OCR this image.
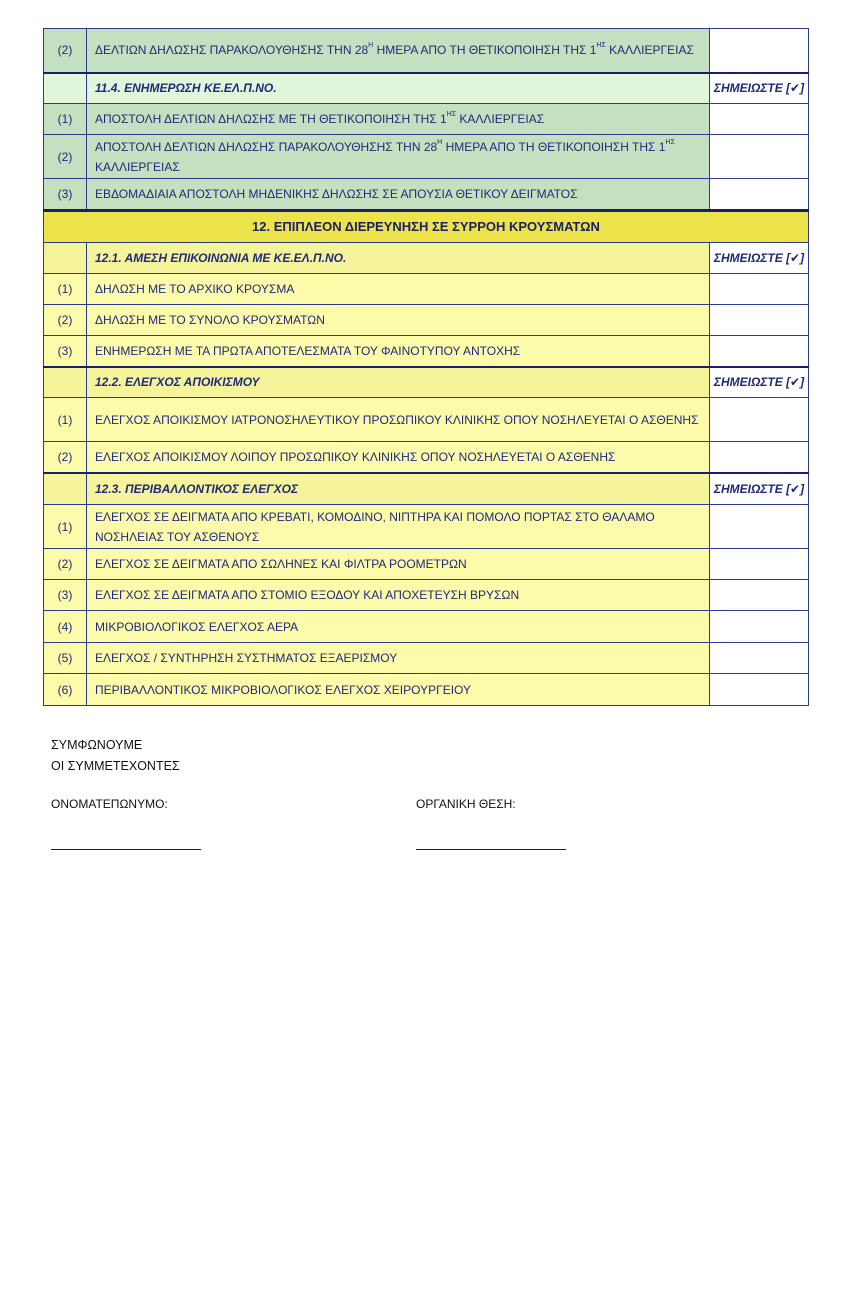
(2)	ΔΕΛΤΙΩΝ ΔΗΛΩΣΗΣ ΠΑΡΑΚΟΛΟΥΘΗΣΗΣ ΤΗΝ $28^H$ ΗΜΕΡΑ ΑΠΟ ΤΗ ΘΕΤΙΚΟΠΟΙΗΣΗ ΤΗΣ $1^{H\Sigma}$ ΚΑΛΛΙΕΡΓΕΙΑΣ	
	11.4. ΕΝΗΜΕΡΩΣΗ ΚΕ.ΕΛ.Π.ΝΟ.	ΣΗΜΕΙΩΣΤΕ [✔]
(1)	ΑΠΟΣΤΟΛΗ ΔΕΛΤΙΩΝ ΔΗΛΩΣΗΣ ΜΕ ΤΗ ΘΕΤΙΚΟΠΟΙΗΣΗ ΤΗΣ $1^{H\Sigma}$ ΚΑΛΛΙΕΡΓΕΙΑΣ	
(2)	ΑΠΟΣΤΟΛΗ ΔΕΛΤΙΩΝ ΔΗΛΩΣΗΣ ΠΑΡΑΚΟΛΟΥΘΗΣΗΣ ΤΗΝ $28^H$ ΗΜΕΡΑ ΑΠΟ ΤΗ ΘΕΤΙΚΟΠΟΙΗΣΗ ΤΗΣ $1^{H\Sigma}$ ΚΑΛΛΙΕΡΓΕΙΑΣ	
(3)	ΕΒΔΟΜΑΔΙΑΙΑ ΑΠΟΣΤΟΛΗ ΜΗΔΕΝΙΚΗΣ ΔΗΛΩΣΗΣ ΣΕ ΑΠΟΥΣΙΑ ΘΕΤΙΚΟΥ ΔΕΙΓΜΑΤΟΣ	
12. ΕΠΙΠΛΕΟΝ ΔΙΕΡΕΥΝΗΣΗ ΣΕ ΣΥΡΡΟΗ ΚΡΟΥΣΜΑΤΩΝ		
	12.1. ΑΜΕΣΗ ΕΠΙΚΟΙΝΩΝΙΑ ΜΕ ΚΕ.ΕΛ.Π.ΝΟ.	ΣΗΜΕΙΩΣΤΕ [✔]
(1)	ΔΗΛΩΣΗ ΜΕ ΤΟ ΑΡΧΙΚΟ ΚΡΟΥΣΜΑ	
(2)	ΔΗΛΩΣΗ ΜΕ ΤΟ ΣΥΝΟΛΟ ΚΡΟΥΣΜΑΤΩΝ	
(3)	ΕΝΗΜΕΡΩΣΗ ΜΕ ΤΑ ΠΡΩΤΑ ΑΠΟΤΕΛΕΣΜΑΤΑ ΤΟΥ ΦΑΙΝΟΤΥΠΟΥ ΑΝΤΟΧΗΣ	
	12.2. ΕΛΕΓΧΟΣ ΑΠΟΙΚΙΣΜΟΥ	ΣΗΜΕΙΩΣΤΕ [✔]
(1)	ΕΛΕΓΧΟΣ ΑΠΟΙΚΙΣΜΟΥ ΙΑΤΡΟΝΟΣΗΛΕΥΤΙΚΟΥ ΠΡΟΣΩΠΙΚΟΥ ΚΛΙΝΙΚΗΣ ΟΠΟΥ ΝΟΣΗΛΕΥΕΤΑΙ Ο ΑΣΘΕΝΗΣ	
(2)	ΕΛΕΓΧΟΣ ΑΠΟΙΚΙΣΜΟΥ ΛΟΙΠΟΥ ΠΡΟΣΩΠΙΚΟΥ ΚΛΙΝΙΚΗΣ ΟΠΟΥ ΝΟΣΗΛΕΥΕΤΑΙ Ο ΑΣΘΕΝΗΣ	
	12.3. ΠΕΡΙΒΑΛΛΟΝΤΙΚΟΣ ΕΛΕΓΧΟΣ	ΣΗΜΕΙΩΣΤΕ [✔]
(1)	ΕΛΕΓΧΟΣ ΣΕ ΔΕΙΓΜΑΤΑ ΑΠΟ ΚΡΕΒΑΤΙ, ΚΟΜΟΔΙΝΟ, ΝΙΠΤΗΡΑ ΚΑΙ ΠΟΜΟΛΟ ΠΟΡΤΑΣ ΣΤΟ ΘΑΛΑΜΟ ΝΟΣΗΛΕΙΑΣ ΤΟΥ ΑΣΘΕΝΟΥΣ	
(2)	ΕΛΕΓΧΟΣ ΣΕ ΔΕΙΓΜΑΤΑ ΑΠΟ ΣΩΛΗΝΕΣ ΚΑΙ ΦΙΛΤΡΑ ΡΟΟΜΕΤΡΩΝ	
(3)	ΕΛΕΓΧΟΣ ΣΕ ΔΕΙΓΜΑΤΑ ΑΠΟ ΣΤΟΜΙΟ ΕΞΟΔΟΥ ΚΑΙ ΑΠΟΧΕΤΕΥΣΗ ΒΡΥΣΩΝ	
(4)	ΜΙΚΡΟΒΙΟΛΟΓΙΚΟΣ ΕΛΕΓΧΟΣ ΑΕΡΑ	
(5)	ΕΛΕΓΧΟΣ / ΣΥΝΤΗΡΗΣΗ ΣΥΣΤΗΜΑΤΟΣ ΕΞΑΕΡΙΣΜΟΥ	
(6)	ΠΕΡΙΒΑΛΛΟΝΤΙΚΟΣ ΜΙΚΡΟΒΙΟΛΟΓΙΚΟΣ ΕΛΕΓΧΟΣ ΧΕΙΡΟΥΡΓΕΙΟΥ	
ΣΥΜΦΩΝΟΥΜΕ
ΟΙ ΣΥΜΜΕΤΕΧΟΝΤΕΣ
ΟΝΟΜΑΤΕΠΩΝΥΜΟ:	ΟΡΓΑΝΙΚΗ ΘΕΣΗ:
